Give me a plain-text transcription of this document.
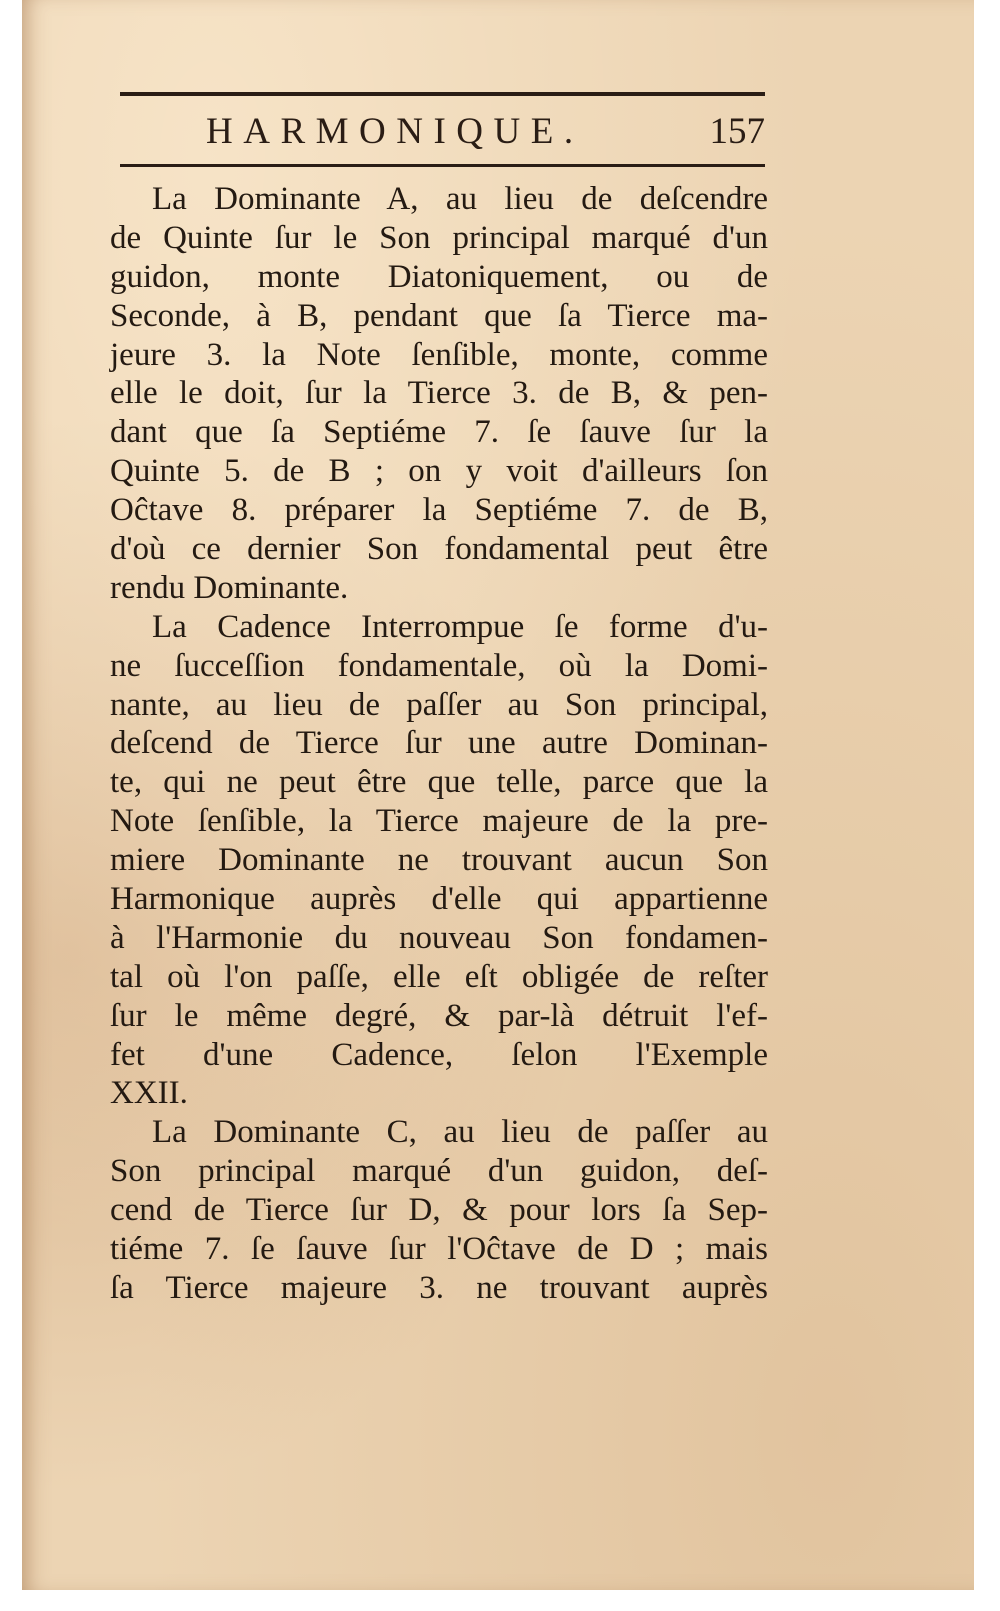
HARMONIQUE.	157
La Dominante A, au lieu de deſcendre
de Quinte ſur le Son principal marqué d'un
guidon, monte Diatoniquement, ou de
Seconde, à B, pendant que ſa Tierce ma-
jeure 3. la Note ſenſible, monte, comme
elle le doit, ſur la Tierce 3. de B, & pen-
dant que ſa Septiéme 7. ſe ſauve ſur la
Quinte 5. de B ; on y voit d'ailleurs ſon
Oĉtave 8. préparer la Septiéme 7. de B,
d'où ce dernier Son fondamental peut être
rendu Dominante.
La Cadence Interrompue ſe forme d'u-
ne ſucceſſion fondamentale, où la Domi-
nante, au lieu de paſſer au Son principal,
deſcend de Tierce ſur une autre Dominan-
te, qui ne peut être que telle, parce que la
Note ſenſible, la Tierce majeure de la pre-
miere Dominante ne trouvant aucun Son
Harmonique auprès d'elle qui appartienne
à l'Harmonie du nouveau Son fondamen-
tal où l'on paſſe, elle eſt obligée de reſter
ſur le même degré, & par-là détruit l'ef-
fet d'une Cadence, ſelon l'Exemple
XXII.
La Dominante C, au lieu de paſſer au
Son principal marqué d'un guidon, deſ-
cend de Tierce ſur D, & pour lors ſa Sep-
tiéme 7. ſe ſauve ſur l'Oĉtave de D ; mais
ſa Tierce majeure 3. ne trouvant auprès
